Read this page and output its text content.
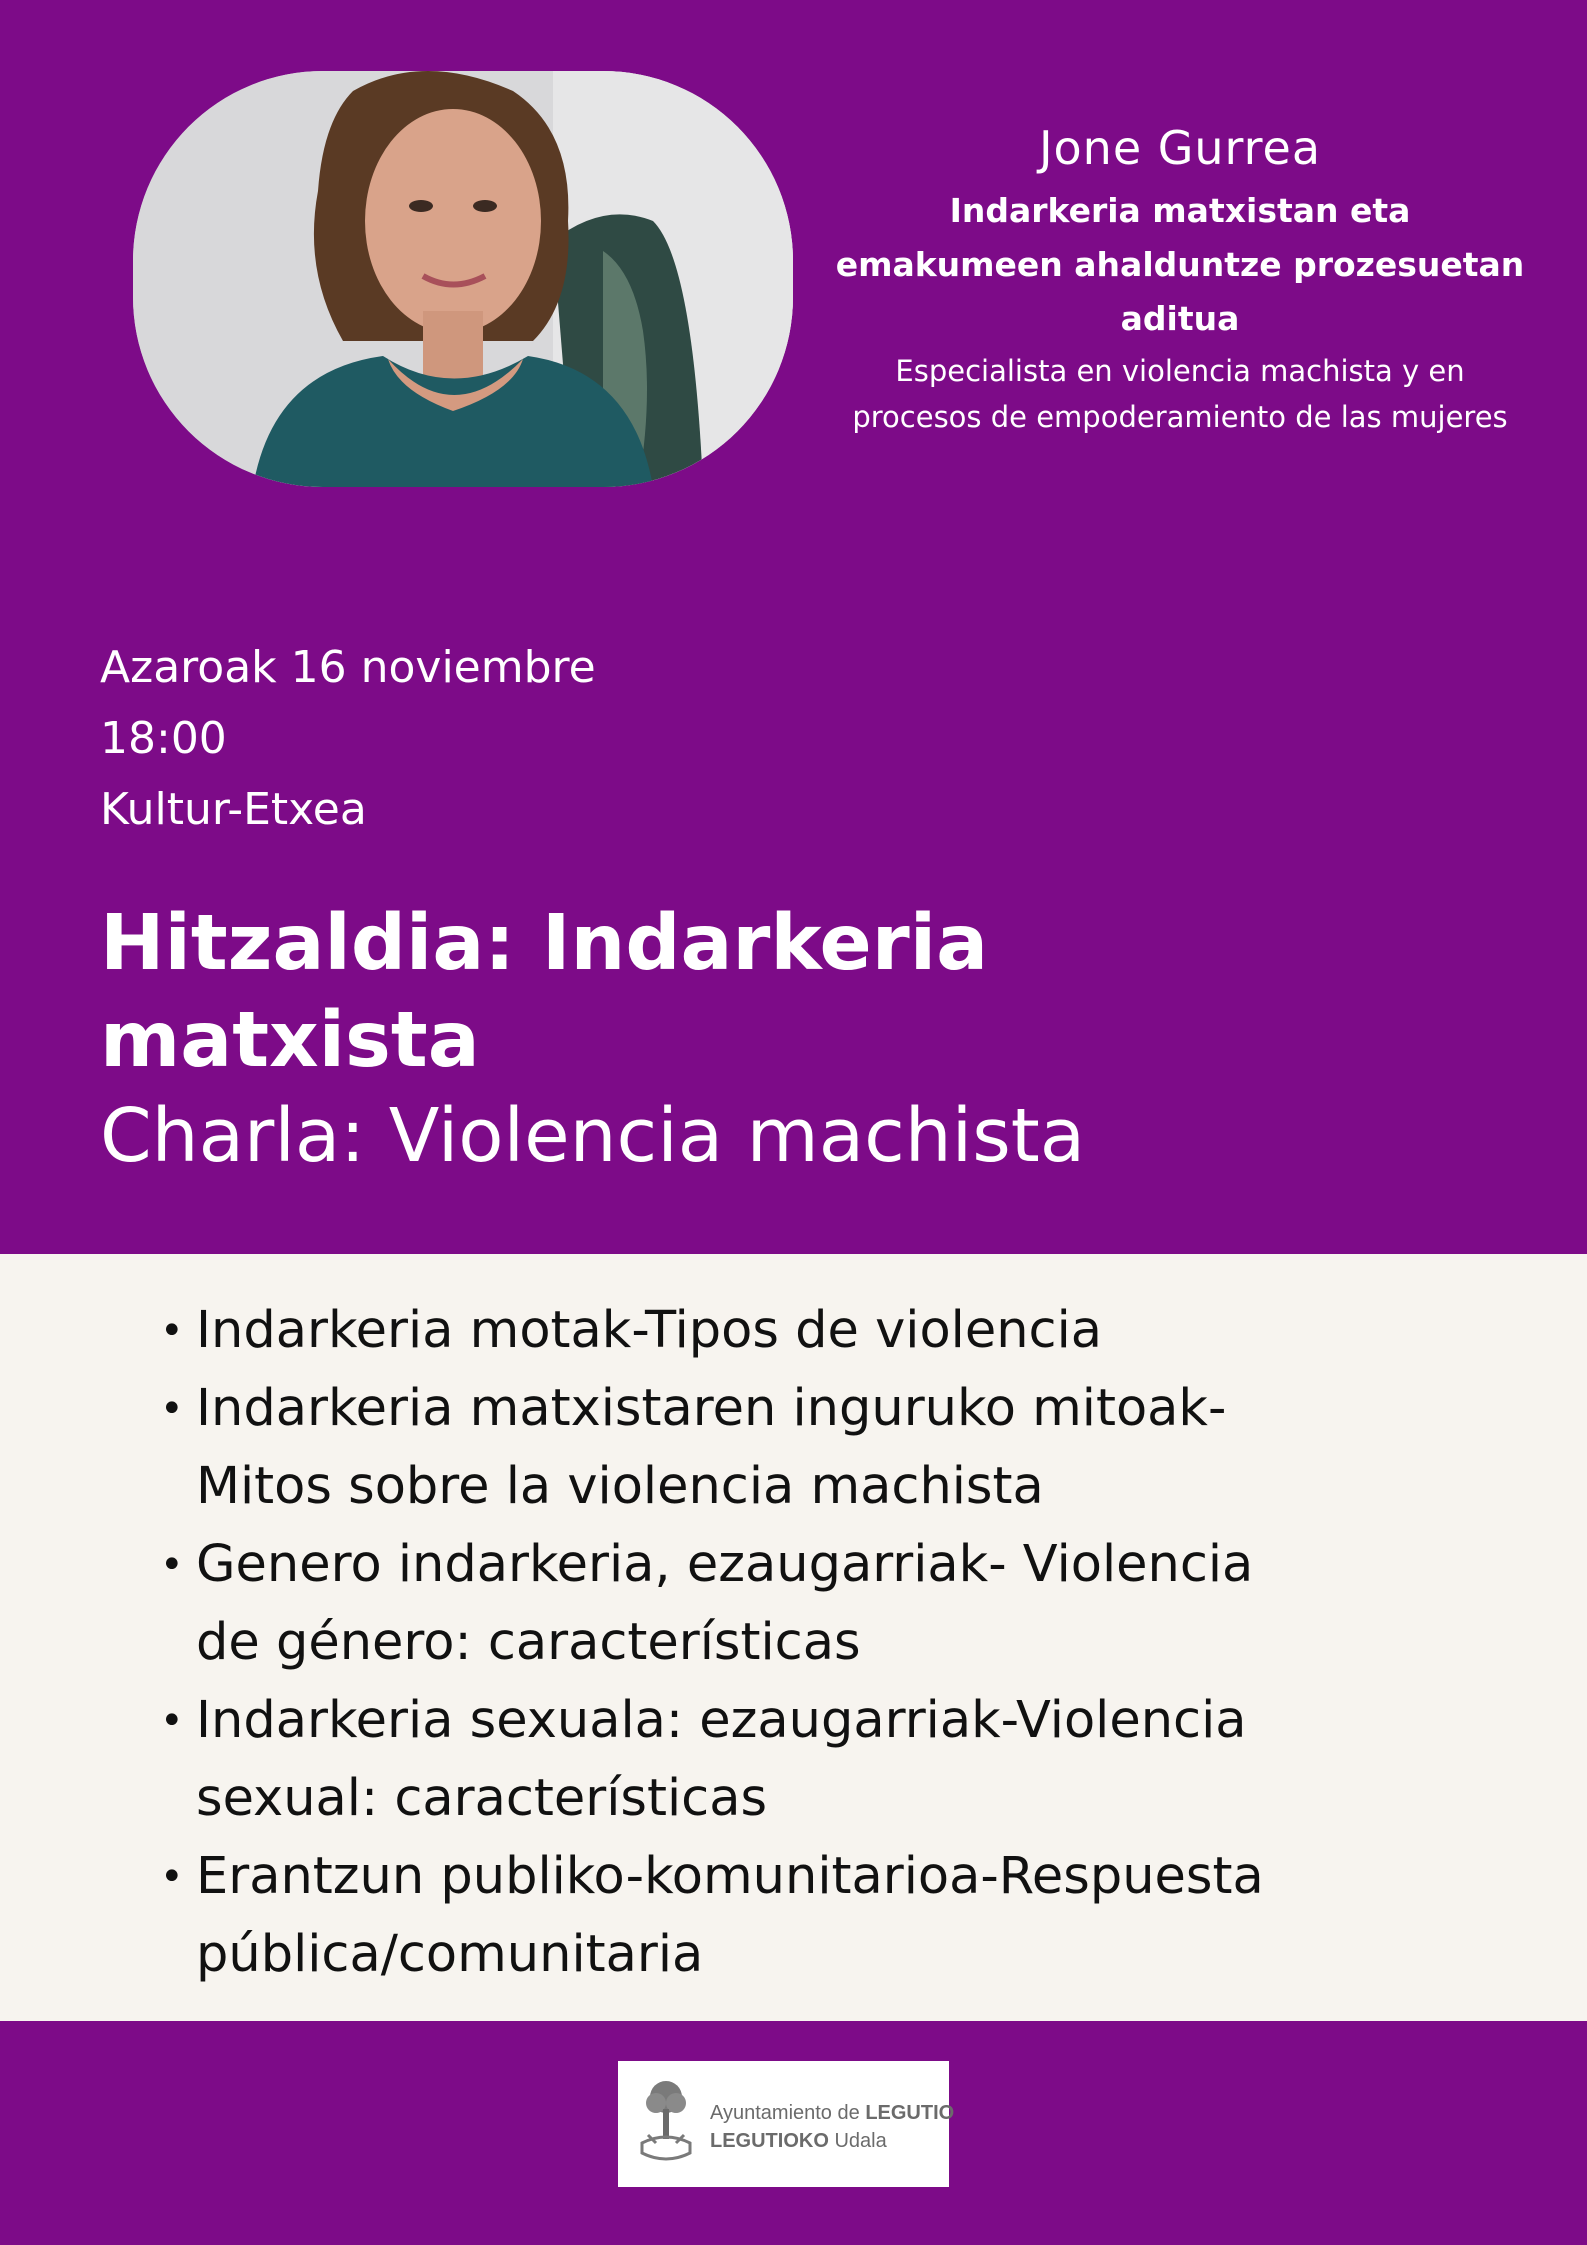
Jone Gurrea
Indarkeria matxistan eta
emakumeen ahalduntze prozesuetan
aditua
Especialista en violencia machista y en
procesos de empoderamiento de las mujeres
Azaroak 16 noviembre
18:00
Kultur-Etxea
Hitzaldia: Indarkeria
matxista
Charla: Violencia machista
• Indarkeria motak-Tipos de violencia
• Indarkeria matxistaren inguruko mitoak-
Mitos sobre la violencia machista
• Genero indarkeria, ezaugarriak- Violencia
de género: características
• Indarkeria sexuala: ezaugarriak-Violencia
sexual: características
• Erantzun publiko-komunitarioa-Respuesta
pública/comunitaria
Ayuntamiento de LEGUTIO
LEGUTIOKO Udala
